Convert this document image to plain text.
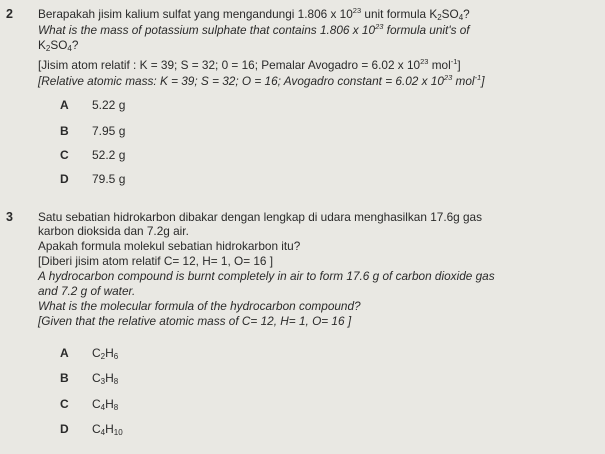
2 Berapakah jisim kalium sulfat yang mengandungi 1.806 x $10^{23}$ unit formula $K_2SO_4$?
What is the mass of potassium sulphate that contains 1.806 x $10^{23}$ formula unit's of
$K_2SO_4$?
[Jisim atom relatif : K = 39; S = 32; 0 = 16; Pemalar Avogadro = 6.02 x $10^{23}$ mol$^{-1}$]
[Relative atomic mass: K = 39; S = 32; O = 16; Avogadro constant = 6.02 x $10^{23}$ mol$^{-1}$]
A 5.22 g
B 7.95 g
C 52.2 g
D 79.5 g
3 Satu sebatian hidrokarbon dibakar dengan lengkap di udara menghasilkan 17.6g gas
karbon dioksida dan 7.2g air.
Apakah formula molekul sebatian hidrokarbon itu?
[Diberi jisim atom relatif C= 12, H= 1, O= 16 ]
A hydrocarbon compound is burnt completely in air to form 17.6 g of carbon dioxide gas
and 7.2 g of water.
What is the molecular formula of the hydrocarbon compound?
[Given that the relative atomic mass of C= 12, H= 1, O= 16 ]
A $C_2H_6$
B $C_3H_8$
C $C_4H_8$
D $C_4H_{10}$
